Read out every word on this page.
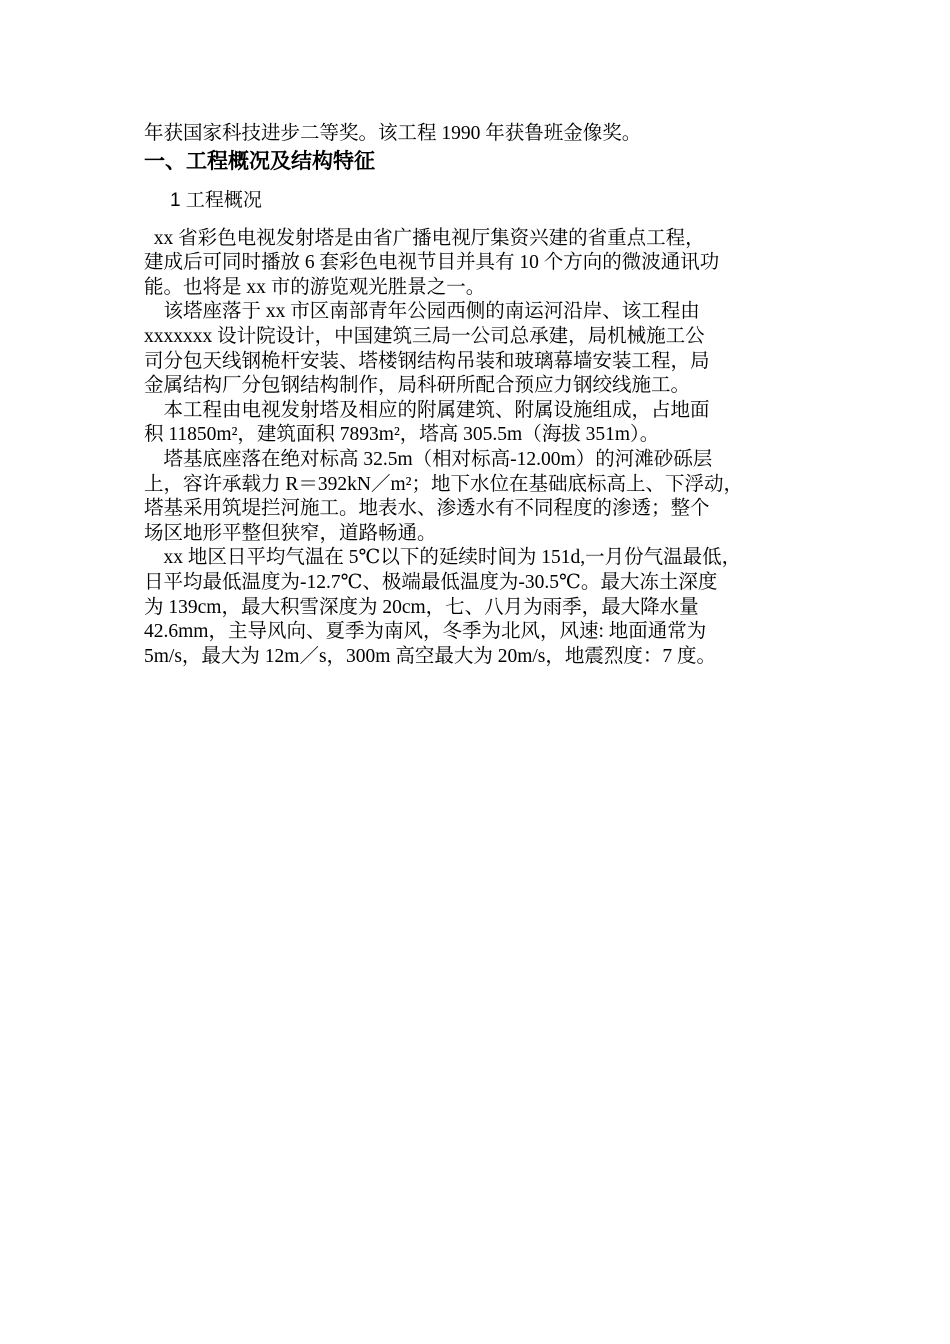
年获国家科技进步二等奖。该工程 1990 年获鲁班金像奖。
一、工程概况及结构特征
1 工程概况
xx 省彩色电视发射塔是由省广播电视厅集资兴建的省重点工程，
建成后可同时播放 6 套彩色电视节目并具有 10 个方向的微波通讯功
能。也将是 xx 市的游览观光胜景之一。
该塔座落于 xx 市区南部青年公园西侧的南运河沿岸、该工程由
xxxxxxx 设计院设计，中国建筑三局一公司总承建，局机械施工公
司分包天线钢桅杆安装、塔楼钢结构吊装和玻璃幕墙安装工程，局
金属结构厂分包钢结构制作，局科研所配合预应力钢绞线施工。
本工程由电视发射塔及相应的附属建筑、附属设施组成，占地面
积 11850m²，建筑面积 7893m²，塔高 305.5m（海拔 351m）。
塔基底座落在绝对标高 32.5m（相对标高-12.00m）的河滩砂砾层
上，容许承载力 R＝392kN／m²；地下水位在基础底标高上、下浮动，
塔基采用筑堤拦河施工。地表水、渗透水有不同程度的渗透；整个
场区地形平整但狭窄，道路畅通。
xx 地区日平均气温在 5℃以下的延续时间为 151d,一月份气温最低，
日平均最低温度为-12.7℃、极端最低温度为-30.5℃。最大冻土深度
为 139cm，最大积雪深度为 20cm，七、八月为雨季，最大降水量
42.6mm，主导风向、夏季为南风，冬季为北风，风速: 地面通常为
5m/s，最大为 12m／s，300m 高空最大为 20m/s，地震烈度：7 度。
